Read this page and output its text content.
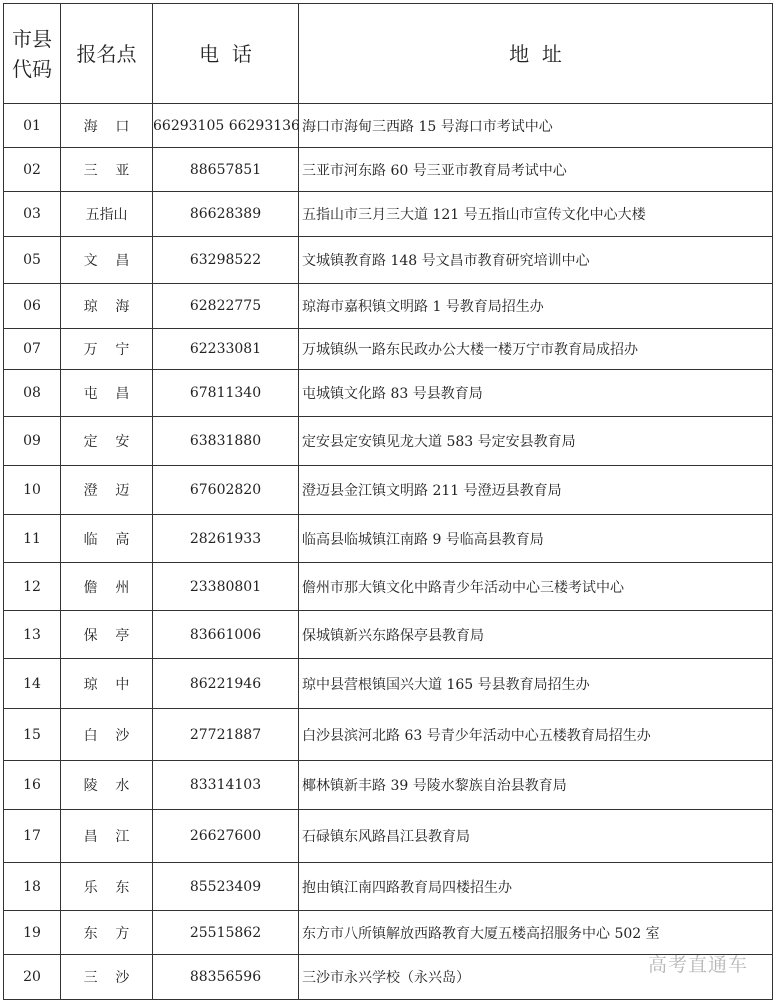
市县代码	报名点	电  话	地  址
01	海    口	66293105 66293136	海口市海甸三西路 15 号海口市考试中心
02	三    亚	88657851	三亚市河东路 60 号三亚市教育局考试中心
03	五指山	86628389	五指山市三月三大道 121 号五指山市宣传文化中心大楼
05	文    昌	63298522	文城镇教育路 148 号文昌市教育研究培训中心
06	琼    海	62822775	琼海市嘉积镇文明路 1 号教育局招生办
07	万    宁	62233081	万城镇纵一路东民政办公大楼一楼万宁市教育局成招办
08	屯    昌	67811340	屯城镇文化路 83 号县教育局
09	定    安	63831880	定安县定安镇见龙大道 583 号定安县教育局
10	澄    迈	67602820	澄迈县金江镇文明路 211 号澄迈县教育局
11	临    高	28261933	临高县临城镇江南路 9 号临高县教育局
12	儋    州	23380801	儋州市那大镇文化中路青少年活动中心三楼考试中心
13	保    亭	83661006	保城镇新兴东路保亭县教育局
14	琼    中	86221946	琼中县营根镇国兴大道 165 号县教育局招生办
15	白    沙	27721887	白沙县滨河北路 63 号青少年活动中心五楼教育局招生办
16	陵    水	83314103	椰林镇新丰路 39 号陵水黎族自治县教育局
17	昌    江	26627600	石碌镇东风路昌江县教育局
18	乐    东	85523409	抱由镇江南四路教育局四楼招生办
19	东    方	25515862	东方市八所镇解放西路教育大厦五楼高招服务中心 502 室
20	三    沙	88356596	三沙市永兴学校（永兴岛）
高考直通车
